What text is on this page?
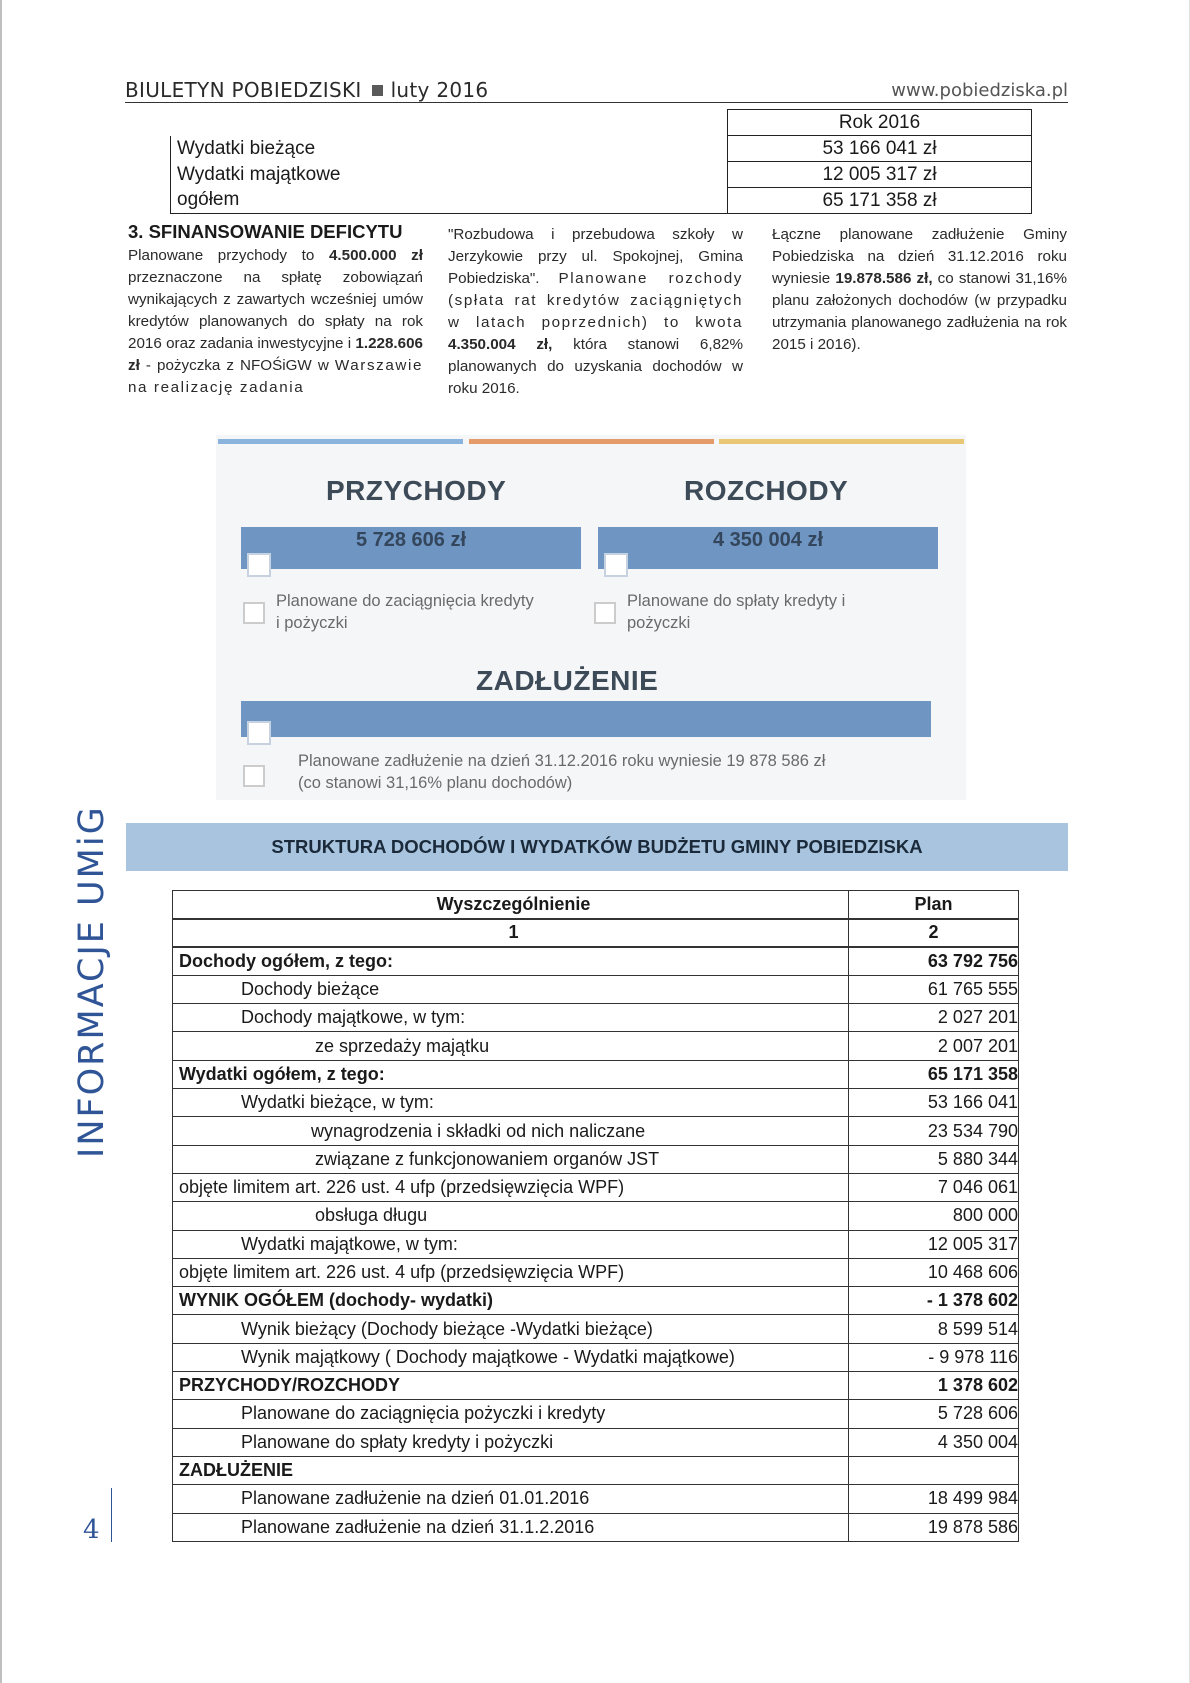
BIULETYN POBIEDZISKI luty 2016	www.pobiedziska.pl
	Rok 2016
Wydatki bieżące	53 166 041 zł
Wydatki majątkowe	12 005 317 zł
ogółem	65 171 358 zł
3. SFINANSOWANIE DEFICYTU
Planowane przychody to 4.500.000 zł przeznaczone na spłatę zobowiązań wynikających z zawartych wcześniej umów kredytów planowanych do spłaty na rok 2016 oraz zadania inwestycyjne i 1.228.606 zł - pożyczka z NFOŚiGW w Warszawie na realizację zadania
"Rozbudowa i przebudowa szkoły w Jerzykowie przy ul. Spokojnej, Gmina Pobiedziska". Planowane rozchody (spłata rat kredytów zaciągniętych w latach poprzednich) to kwota 4.350.004 zł, która stanowi 6,82% planowanych do uzyskania dochodów w roku 2016.
Łączne planowane zadłużenie Gminy Pobiedziska na dzień 31.12.2016 roku wyniesie 19.878.586 zł, co stanowi 31,16% planu założonych dochodów (w przypadku utrzymania planowanego zadłużenia na rok 2015 i 2016).
PRZYCHODY	ROZCHODY
5 728 606 zł	4 350 004 zł
Planowane do zaciągnięcia kredyty
i pożyczki
Planowane do spłaty kredyty i
pożyczki
ZADŁUŻENIE
Planowane zadłużenie na dzień 31.12.2016 roku wyniesie 19 878 586 zł
(co stanowi 31,16% planu dochodów)
INFORMACJE UMiG
4
STRUKTURA DOCHODÓW I WYDATKÓW BUDŻETU GMINY POBIEDZISKA
Wyszczególnienie	Plan
1	2
Dochody ogółem, z tego:	63 792 756
Dochody bieżące	61 765 555
Dochody majątkowe, w tym:	2 027 201
ze sprzedaży majątku	2 007 201
Wydatki ogółem, z tego:	65 171 358
Wydatki bieżące, w tym:	53 166 041
wynagrodzenia i składki od nich naliczane	23 534 790
związane z funkcjonowaniem organów JST	5 880 344
objęte limitem art. 226 ust. 4 ufp (przedsięwzięcia WPF)	7 046 061
obsługa długu	800 000
Wydatki majątkowe, w tym:	12 005 317
objęte limitem art. 226 ust. 4 ufp (przedsięwzięcia WPF)	10 468 606
WYNIK OGÓŁEM (dochody- wydatki)	- 1 378 602
Wynik bieżący (Dochody bieżące -Wydatki bieżące)	8 599 514
Wynik majątkowy ( Dochody majątkowe - Wydatki majątkowe)	- 9 978 116
PRZYCHODY/ROZCHODY	1 378 602
Planowane do zaciągnięcia pożyczki i kredyty	5 728 606
Planowane do spłaty kredyty i pożyczki	4 350 004
ZADŁUŻENIE	
Planowane zadłużenie na dzień 01.01.2016	18 499 984
Planowane zadłużenie na dzień 31.1.2.2016	19 878 586
